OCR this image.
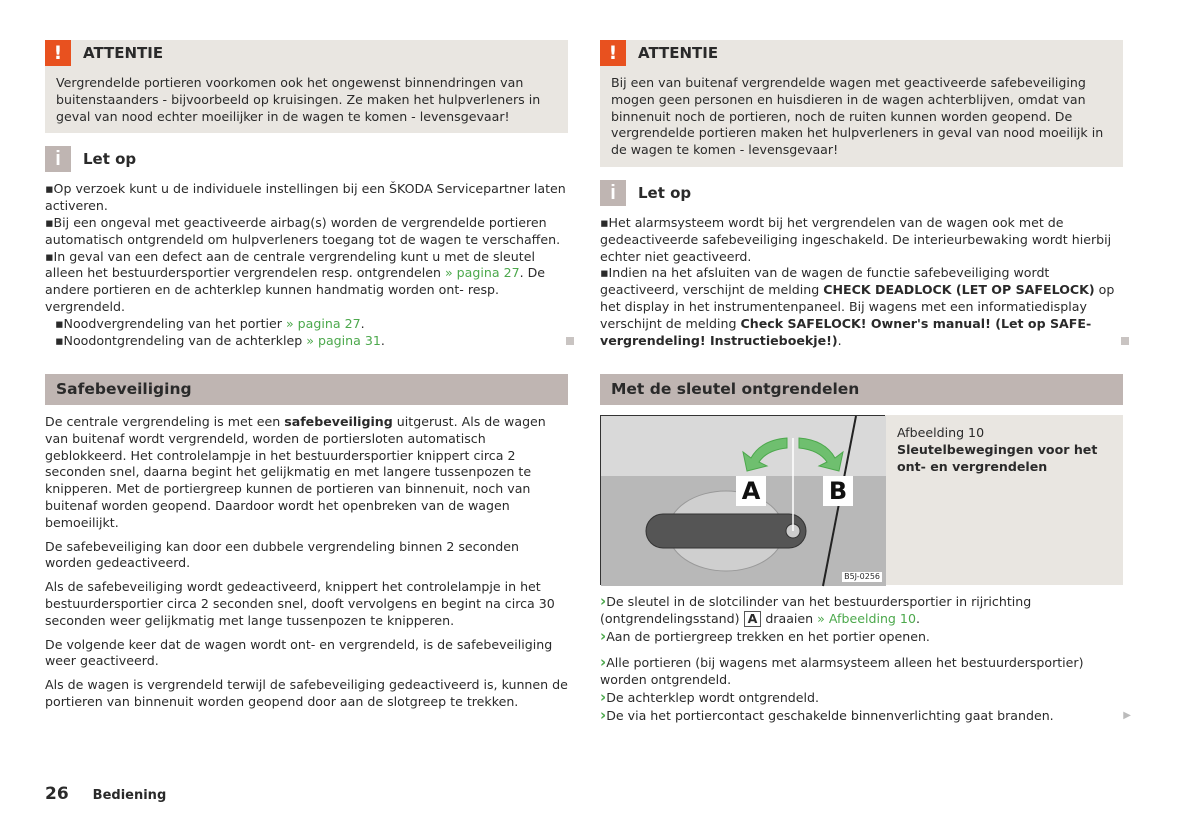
!	ATTENTIE
Vergrendelde portieren voorkomen ook het ongewenst binnendringen van buitenstaanders - bijvoorbeeld op kruisingen. Ze maken het hulpverleners in geval van nood echter moeilijker in de wagen te komen - levensgevaar!
i	Let op
▪ Op verzoek kunt u de individuele instellingen bij een ŠKODA Servicepartner laten activeren.
▪ Bij een ongeval met geactiveerde airbag(s) worden de vergrendelde portieren automatisch ontgrendeld om hulpverleners toegang tot de wagen te verschaffen.
▪ In geval van een defect aan de centrale vergrendeling kunt u met de sleutel alleen het bestuurdersportier vergrendelen resp. ontgrendelen » pagina 27. De andere portieren en de achterklep kunnen handmatig worden ont- resp. vergrendeld.
▪ Noodvergrendeling van het portier » pagina 27.
▪ Noodontgrendeling van de achterklep » pagina 31.
Safebeveiliging

De centrale vergrendeling is met een safebeveiliging uitgerust. Als de wagen van buitenaf wordt vergrendeld, worden de portiersloten automatisch geblokkeerd. Het controlelampje in het bestuurdersportier knippert circa 2 seconden snel, daarna begint het gelijkmatig en met langere tussenpozen te knipperen. Met de portiergreep kunnen de portieren van binnenuit, noch van buitenaf worden geopend. Daardoor wordt het openbreken van de wagen bemoeilijkt.

De safebeveiliging kan door een dubbele vergrendeling binnen 2 seconden worden gedeactiveerd.

Als de safebeveiliging wordt gedeactiveerd, knippert het controlelampje in het bestuurdersportier circa 2 seconden snel, dooft vervolgens en begint na circa 30 seconden weer gelijkmatig met lange tussenpozen te knipperen.

De volgende keer dat de wagen wordt ont- en vergrendeld, is de safebeveiliging weer geactiveerd.

Als de wagen is vergrendeld terwijl de safebeveiliging gedeactiveerd is, kunnen de portieren van binnenuit worden geopend door aan de slotgreep te trekken.

!	ATTENTIE
Bij een van buitenaf vergrendelde wagen met geactiveerde safebeveiliging mogen geen personen en huisdieren in de wagen achterblijven, omdat van binnenuit noch de portieren, noch de ruiten kunnen worden geopend. De vergrendelde portieren maken het hulpverleners in geval van nood moeilijk in de wagen te komen - levensgevaar!
i	Let op
▪ Het alarmsysteem wordt bij het vergrendelen van de wagen ook met de gedeactiveerde safebeveiliging ingeschakeld. De interieurbewaking wordt hierbij echter niet geactiveerd.
▪ Indien na het afsluiten van de wagen de functie safebeveiliging wordt geactiveerd, verschijnt de melding CHECK DEADLOCK (LET OP SAFELOCK) op het display in het instrumentenpaneel. Bij wagens met een informatiedisplay verschijnt de melding Check SAFELOCK! Owner's manual! (Let op SAFE-vergrendeling! Instructieboekje!).
Met de sleutel ontgrendelen
A	B
B5J-0256
Afbeelding 10
Sleutelbewegingen voor het ont- en vergrendelen
› De sleutel in de slotcilinder van het bestuurdersportier in rijrichting (ontgrendelingsstand) A draaien » Afbeelding 10.
› Aan de portiergreep trekken en het portier openen.
› Alle portieren (bij wagens met alarmsysteem alleen het bestuurdersportier) worden ontgrendeld.
› De achterklep wordt ontgrendeld.
› De via het portiercontact geschakelde binnenverlichting gaat branden.	▶
26 Bediening
